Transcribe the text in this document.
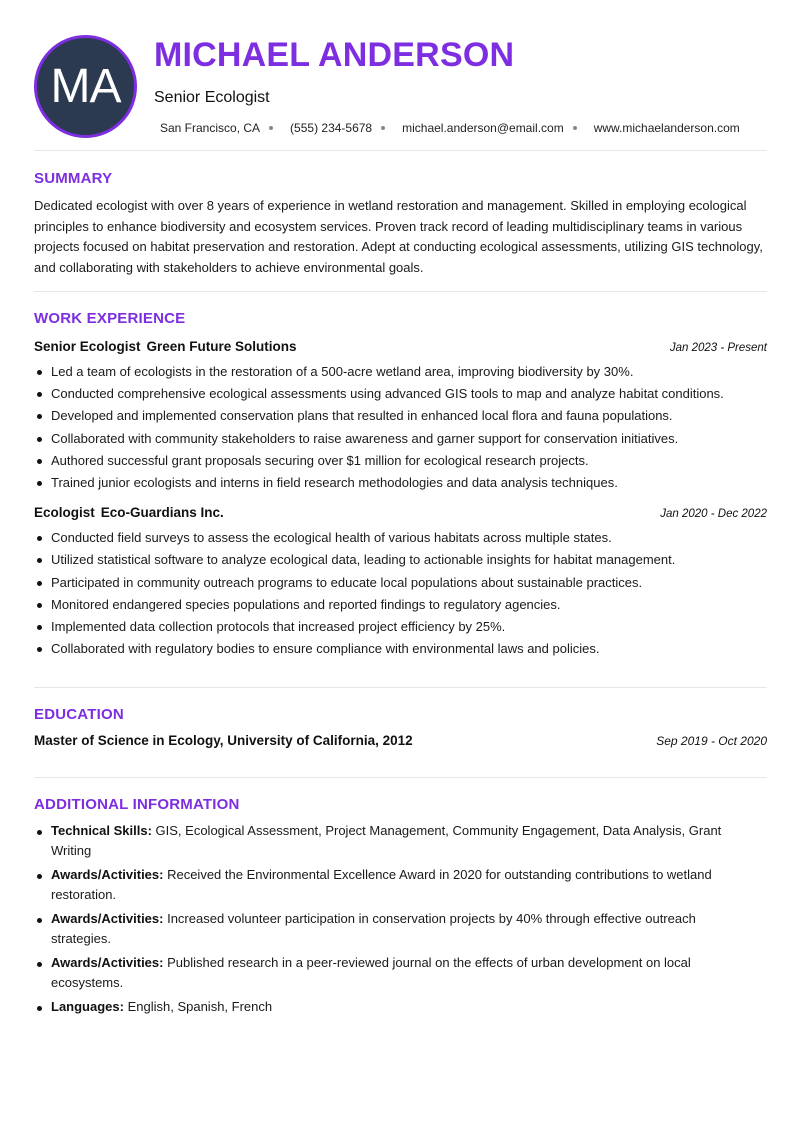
MA
MICHAEL ANDERSON
Senior Ecologist
San Francisco, CA	(555) 234-5678	michael.anderson@email.com	www.michaelanderson.com
SUMMARY

Dedicated ecologist with over 8 years of experience in wetland restoration and management. Skilled in employing ecological principles to enhance biodiversity and ecosystem services. Proven track record of leading multidisciplinary teams in various projects focused on habitat preservation and restoration. Adept at conducting ecological assessments, utilizing GIS technology, and collaborating with stakeholders to achieve environmental goals.

WORK EXPERIENCE
Senior Ecologist Green Future Solutions	Jan 2023 - Present
Led a team of ecologists in the restoration of a 500-acre wetland area, improving biodiversity by 30%.
Conducted comprehensive ecological assessments using advanced GIS tools to map and analyze habitat conditions.
Developed and implemented conservation plans that resulted in enhanced local flora and fauna populations.
Collaborated with community stakeholders to raise awareness and garner support for conservation initiatives.
Authored successful grant proposals securing over $1 million for ecological research projects.
Trained junior ecologists and interns in field research methodologies and data analysis techniques.
Ecologist Eco-Guardians Inc.	Jan 2020 - Dec 2022
Conducted field surveys to assess the ecological health of various habitats across multiple states.
Utilized statistical software to analyze ecological data, leading to actionable insights for habitat management.
Participated in community outreach programs to educate local populations about sustainable practices.
Monitored endangered species populations and reported findings to regulatory agencies.
Implemented data collection protocols that increased project efficiency by 25%.
Collaborated with regulatory bodies to ensure compliance with environmental laws and policies.
EDUCATION
Master of Science in Ecology, University of California, 2012	Sep 2019 - Oct 2020
ADDITIONAL INFORMATION
Technical Skills: GIS, Ecological Assessment, Project Management, Community Engagement, Data Analysis, Grant Writing
Awards/Activities: Received the Environmental Excellence Award in 2020 for outstanding contributions to wetland restoration.
Awards/Activities: Increased volunteer participation in conservation projects by 40% through effective outreach strategies.
Awards/Activities: Published research in a peer-reviewed journal on the effects of urban development on local ecosystems.
Languages: English, Spanish, French
